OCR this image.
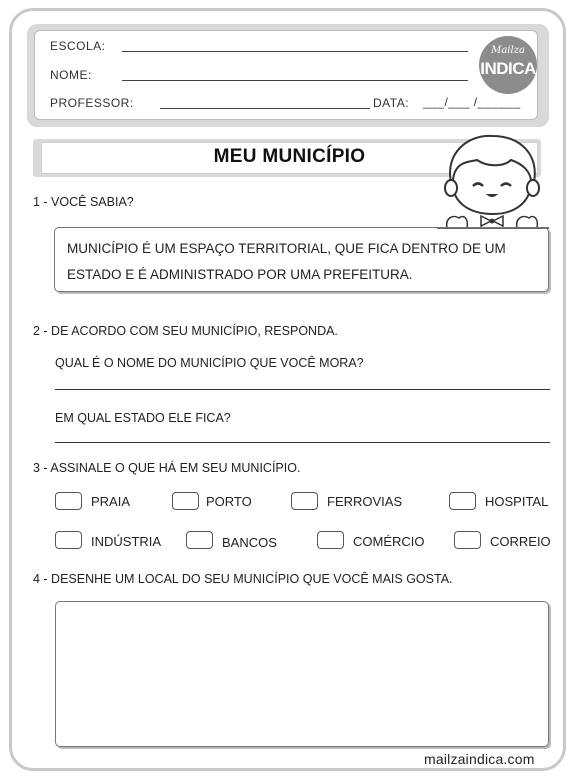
ESCOLA:
NOME:
PROFESSOR:	DATA: ___/___ /______
Mailza
INDICA
MEU MUNICÍPIO
1 - VOCÊ SABIA?
MUNICÍPIO É UM ESPAÇO TERRITORIAL, QUE FICA DENTRO DE UM
ESTADO E É ADMINISTRADO POR UMA PREFEITURA.
2 - DE ACORDO COM SEU MUNICÍPIO, RESPONDA.
QUAL É O NOME DO MUNICÍPIO QUE VOCÊ MORA?
EM QUAL ESTADO ELE FICA?
3 - ASSINALE O QUE HÁ EM SEU MUNICÍPIO.
PRAIA	PORTO	FERROVIAS	HOSPITAL
INDÚSTRIA	BANCOS	COMÉRCIO	CORREIO
4 - DESENHE UM LOCAL DO SEU MUNICÍPIO QUE VOCÊ MAIS GOSTA.
mailzaindica.com
